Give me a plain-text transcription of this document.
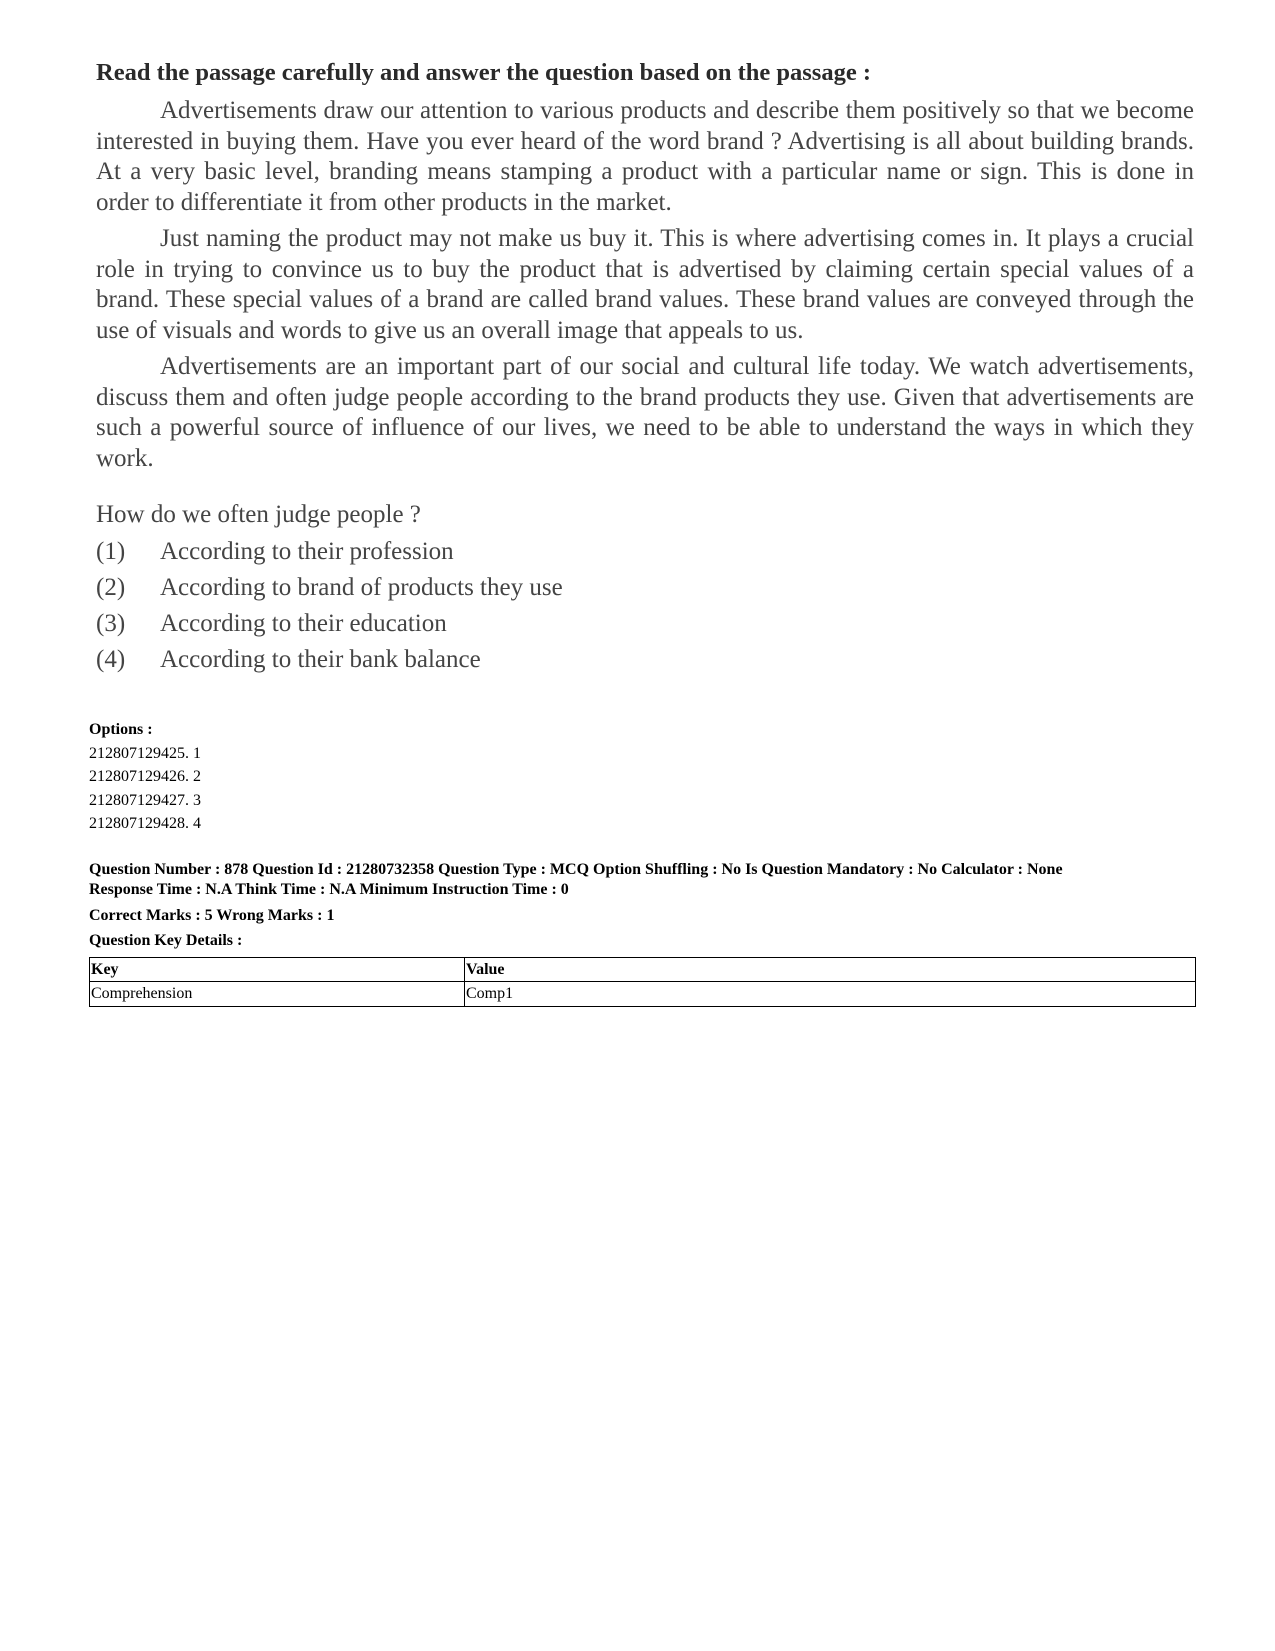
Read the passage carefully and answer the question based on the passage :

Advertisements draw our attention to various products and describe them positively so that we become interested in buying them. Have you ever heard of the word brand ? Advertising is all about building brands. At a very basic level, branding means stamping a product with a particular name or sign. This is done in order to differentiate it from other products in the market.

Just naming the product may not make us buy it. This is where advertising comes in. It plays a crucial role in trying to convince us to buy the product that is advertised by claiming certain special values of a brand. These special values of a brand are called brand values. These brand values are conveyed through the use of visuals and words to give us an overall image that appeals to us.

Advertisements are an important part of our social and cultural life today. We watch advertisements, discuss them and often judge people according to the brand products they use. Given that advertisements are such a powerful source of influence of our lives, we need to be able to understand the ways in which they work.

How do we often judge people ?
(1)	According to their profession
(2)	According to brand of products they use
(3)	According to their education
(4)	According to their bank balance
Options :
212807129425. 1
212807129426. 2
212807129427. 3
212807129428. 4
Question Number : 878 Question Id : 21280732358 Question Type : MCQ Option Shuffling : No Is Question Mandatory : No Calculator : None
Response Time : N.A Think Time : N.A Minimum Instruction Time : 0
Correct Marks : 5 Wrong Marks : 1
Question Key Details :
Key	Value
Comprehension	Comp1
